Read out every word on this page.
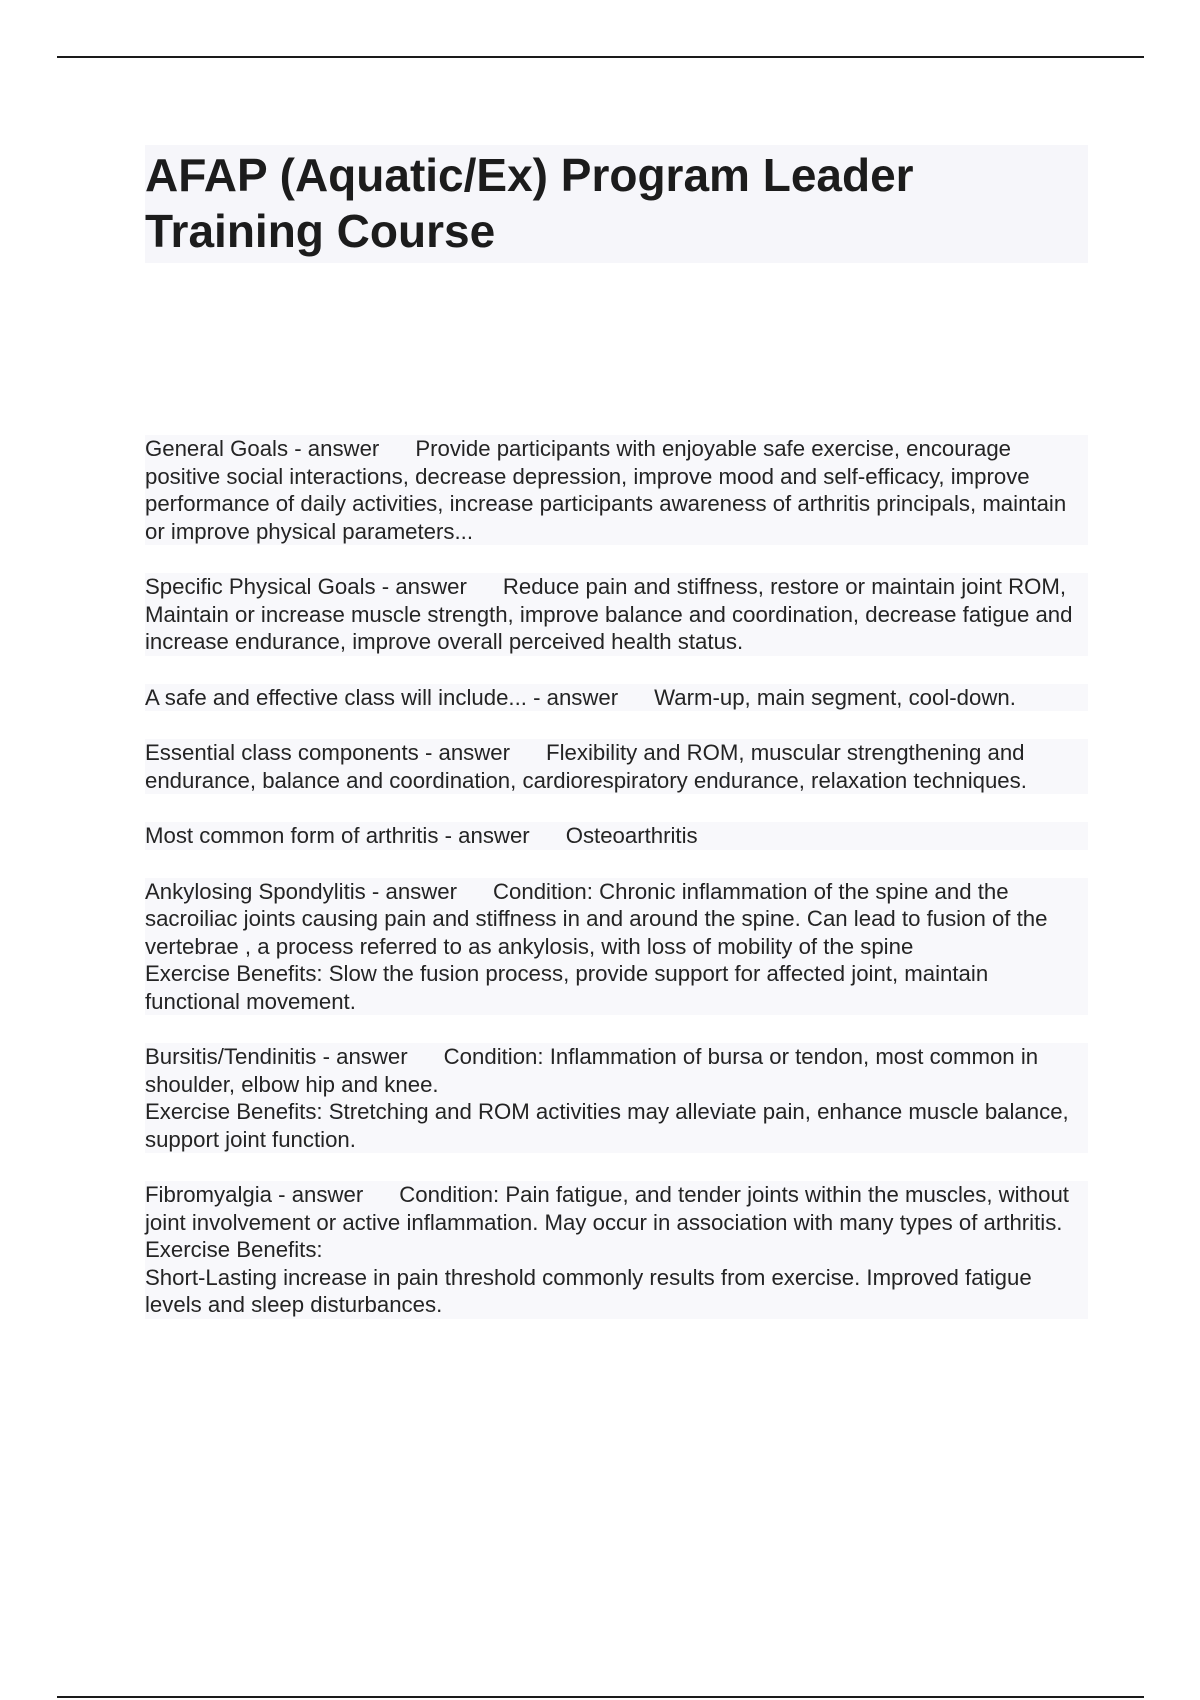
AFAP (Aquatic/Ex) Program Leader Training Course
General Goals - answer Provide participants with enjoyable safe exercise, encourage positive social interactions, decrease depression, improve mood and self-efficacy, improve performance of daily activities, increase participants awareness of arthritis principals, maintain or improve physical parameters...
Specific Physical Goals - answer Reduce pain and stiffness, restore or maintain joint ROM, Maintain or increase muscle strength, improve balance and coordination, decrease fatigue and increase endurance, improve overall perceived health status.
A safe and effective class will include... - answer Warm-up, main segment, cool-down.
Essential class components - answer Flexibility and ROM, muscular strengthening and endurance, balance and coordination, cardiorespiratory endurance, relaxation techniques.
Most common form of arthritis - answer Osteoarthritis
Ankylosing Spondylitis - answer Condition: Chronic inflammation of the spine and the sacroiliac joints causing pain and stiffness in and around the spine. Can lead to fusion of the vertebrae , a process referred to as ankylosis, with loss of mobility of the spine
Exercise Benefits: Slow the fusion process, provide support for affected joint, maintain functional movement.
Bursitis/Tendinitis - answer Condition: Inflammation of bursa or tendon, most common in shoulder, elbow hip and knee.
Exercise Benefits: Stretching and ROM activities may alleviate pain, enhance muscle balance, support joint function.
Fibromyalgia - answer Condition: Pain fatigue, and tender joints within the muscles, without joint involvement or active inflammation. May occur in association with many types of arthritis.
Exercise Benefits:
Short-Lasting increase in pain threshold commonly results from exercise. Improved fatigue levels and sleep disturbances.
